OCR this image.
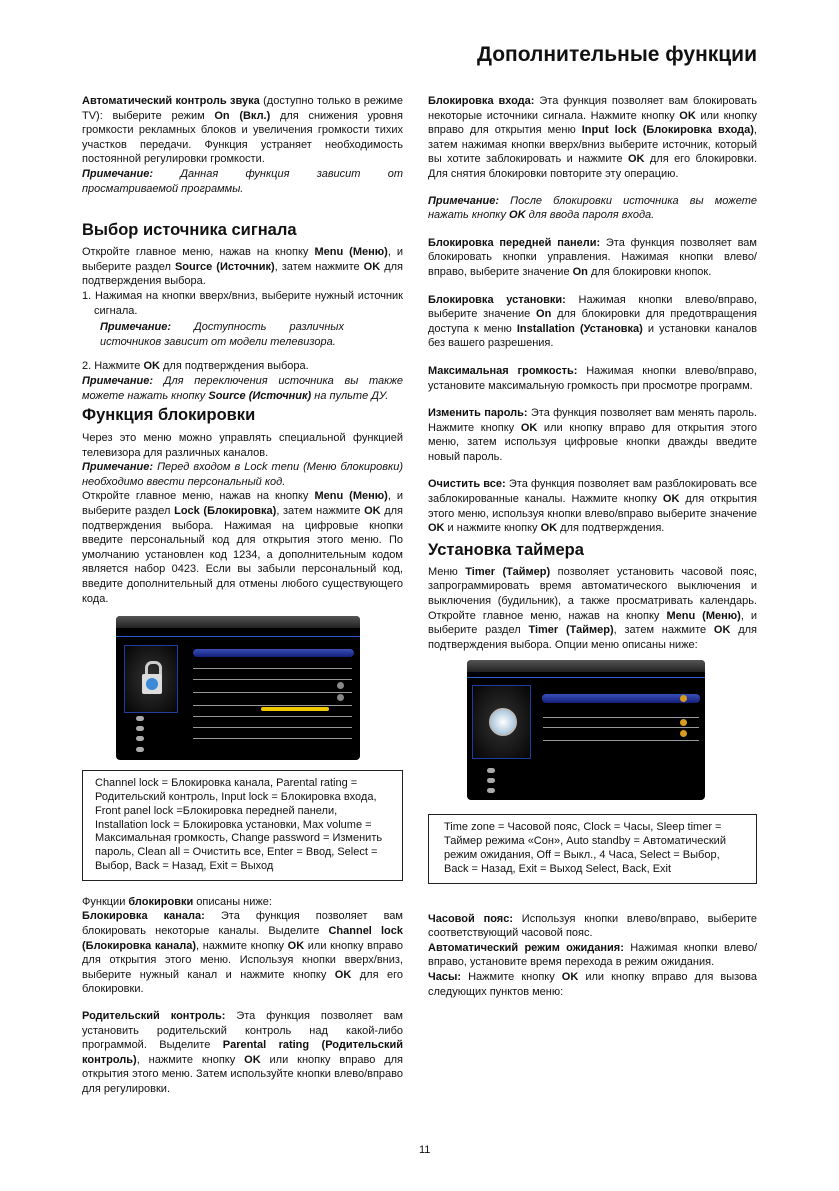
Дополнительные функции

Автоматический контроль звука (доступно только в режиме TV): выберите режим On (Вкл.) для снижения уровня громкости рекламных блоков и увеличения громкости тихих участков передачи. Функция устраняет необходимость постоянной регулировки громкости.

Примечание: Данная функция зависит от просматриваемой программы.

Выбор источника сигнала

Откройте главное меню, нажав на кнопку Menu (Меню), и выберите раздел Source (Источник), затем нажмите OK для подтверждения выбора.

1. Нажимая на кнопки вверх/вниз, выберите нужный источник сигнала.

Примечание: Доступность различных источников зависит от модели телевизора.

2. Нажмите OK для подтверждения выбора.

Примечание: Для переключения источника вы также можете нажать кнопку Source (Источник) на пульте ДУ.

Функция блокировки

Через это меню можно управлять специальной функцией телевизора для различных каналов.

Примечание: Перед входом в Lock menu (Меню блокировки) необходимо ввести персональный код.

Откройте главное меню, нажав на кнопку Menu (Меню), и выберите раздел Lock (Блокировка), затем нажмите OK для подтверждения выбора. Нажимая на цифровые кнопки введите персональный код для открытия этого меню. По умолчанию установлен код 1234, а дополнительным кодом является набор 0423. Если вы забыли персональный код, введите дополнительный для отмены любого существующего кода.

Channel lock = Блокировка канала, Parental rating = Родительский контроль, Input lock = Блокировка входа, Front panel lock =Блокировка передней панели, Installation lock = Блокировка установки, Max volume = Максимальная громкость, Change password = Изменить пароль, Clean all = Очистить все, Enter = Ввод, Select = Выбор, Back = Назад, Exit = Выход

Функции блокировки описаны ниже:

Блокировка канала: Эта функция позволяет вам блокировать некоторые каналы. Выделите Channel lock (Блокировка канала), нажмите кнопку OK или кнопку вправо для открытия этого меню. Используя кнопки вверх/вниз, выберите нужный канал и нажмите кнопку OK для его блокировки.

Родительский контроль: Эта функция позволяет вам установить родительский контроль над какой-либо программой. Выделите Parental rating (Родительский контроль), нажмите кнопку OK или кнопку вправо для открытия этого меню. Затем используйте кнопки влево/вправо для регулировки.

Блокировка входа: Эта функция позволяет вам блокировать некоторые источники сигнала. Нажмите кнопку OK или кнопку вправо для открытия меню Input lock (Блокировка входа), затем нажимая кнопки вверх/вниз выберите источник, который вы хотите заблокировать и нажмите OK для его блокировки. Для снятия блокировки повторите эту операцию.

Примечание: После блокировки источника вы можете нажать кнопку OK для ввода пароля входа.

Блокировка передней панели: Эта функция позволяет вам блокировать кнопки управления. Нажимая кнопки влево/вправо, выберите значение On для блокировки кнопок.

Блокировка установки: Нажимая кнопки влево/вправо, выберите значение On для блокировки для предотвращения доступа к меню Installation (Установка) и установки каналов без вашего разрешения.

Максимальная громкость: Нажимая кнопки влево/вправо, установите максимальную громкость при просмотре программ.

Изменить пароль: Эта функция позволяет вам менять пароль. Нажмите кнопку OK или кнопку вправо для открытия этого меню, затем используя цифровые кнопки дважды введите новый пароль.

Очистить все: Эта функция позволяет вам разблокировать все заблокированные каналы. Нажмите кнопку OK для открытия этого меню, используя кнопки влево/вправо выберите значение OK и нажмите кнопку OK для подтверждения.

Установка таймера

Меню Timer (Таймер) позволяет установить часовой пояс, запрограммировать время автоматического выключения и выключения (будильник), а также просматривать календарь. Откройте главное меню, нажав на кнопку Menu (Меню), и выберите раздел Timer (Таймер), затем нажмите OK для подтверждения выбора. Опции меню описаны ниже:

Time zone = Часовой пояс, Clock = Часы, Sleep timer = Таймер режима «Сон», Auto standby = Автоматический режим ожидания, Off = Выкл., 4 Часа, Select = Выбор, Back = Назад, Exit = Выход Select, Back, Exit

Часовой пояс: Используя кнопки влево/вправо, выберите соответствующий часовой пояс.

Автоматический режим ожидания: Нажимая кнопки влево/вправо, установите время перехода в режим ожидания.

Часы: Нажмите кнопку OK или кнопку вправо для вызова следующих пунктов меню:

11
